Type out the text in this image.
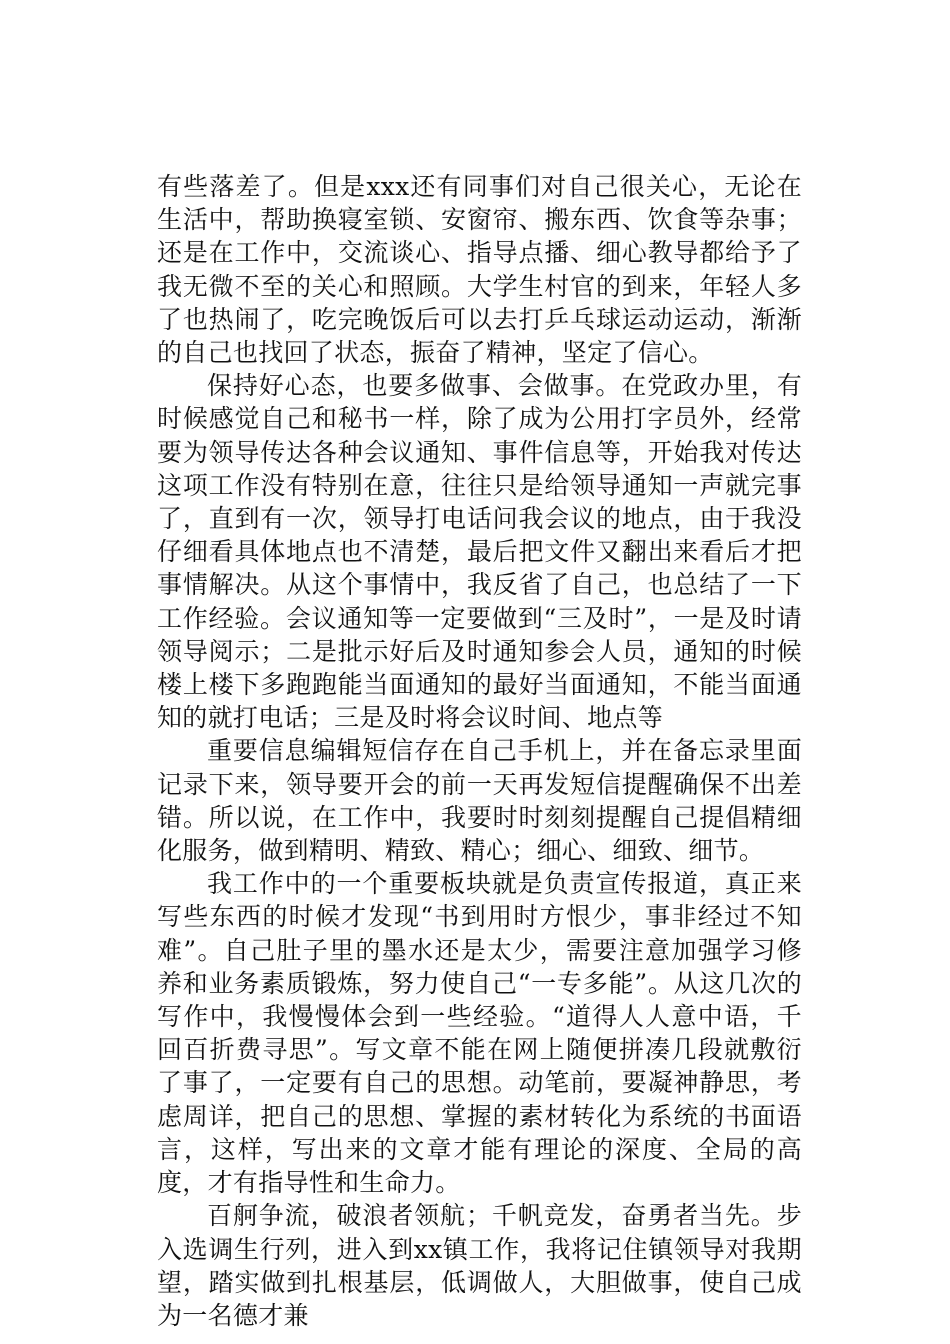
有些落差了。但是xxx还有同事们对自己很关心，无论在生活中，帮助换寝室锁、安窗帘、搬东西、饮食等杂事；还是在工作中，交流谈心、指导点播、细心教导都给予了我无微不至的关心和照顾。大学生村官的到来，年轻人多了也热闹了，吃完晚饭后可以去打乒乓球运动运动，渐渐的自己也找回了状态，振奋了精神，坚定了信心。

保持好心态，也要多做事、会做事。在党政办里，有时候感觉自己和秘书一样，除了成为公用打字员外，经常要为领导传达各种会议通知、事件信息等，开始我对传达这项工作没有特别在意，往往只是给领导通知一声就完事了，直到有一次，领导打电话问我会议的地点，由于我没仔细看具体地点也不清楚，最后把文件又翻出来看后才把事情解决。从这个事情中，我反省了自己，也总结了一下工作经验。会议通知等一定要做到“三及时”，一是及时请领导阅示；二是批示好后及时通知参会人员，通知的时候楼上楼下多跑跑能当面通知的最好当面通知，不能当面通知的就打电话；三是及时将会议时间、地点等

重要信息编辑短信存在自己手机上，并在备忘录里面记录下来，领导要开会的前一天再发短信提醒确保不出差错。所以说，在工作中，我要时时刻刻提醒自己提倡精细化服务，做到精明、精致、精心；细心、细致、细节。

我工作中的一个重要板块就是负责宣传报道，真正来写些东西的时候才发现“书到用时方恨少，事非经过不知难”。自己肚子里的墨水还是太少，需要注意加强学习修养和业务素质锻炼，努力使自己“一专多能”。从这几次的写作中，我慢慢体会到一些经验。“道得人人意中语，千回百折费寻思”。写文章不能在网上随便拼凑几段就敷衍了事了，一定要有自己的思想。动笔前，要凝神静思，考虑周详，把自己的思想、掌握的素材转化为系统的书面语言，这样，写出来的文章才能有理论的深度、全局的高度，才有指导性和生命力。

百舸争流，破浪者领航；千帆竞发，奋勇者当先。步入选调生行列，进入到xx镇工作，我将记住镇领导对我期望，踏实做到扎根基层，低调做人，大胆做事，使自己成为一名德才兼
